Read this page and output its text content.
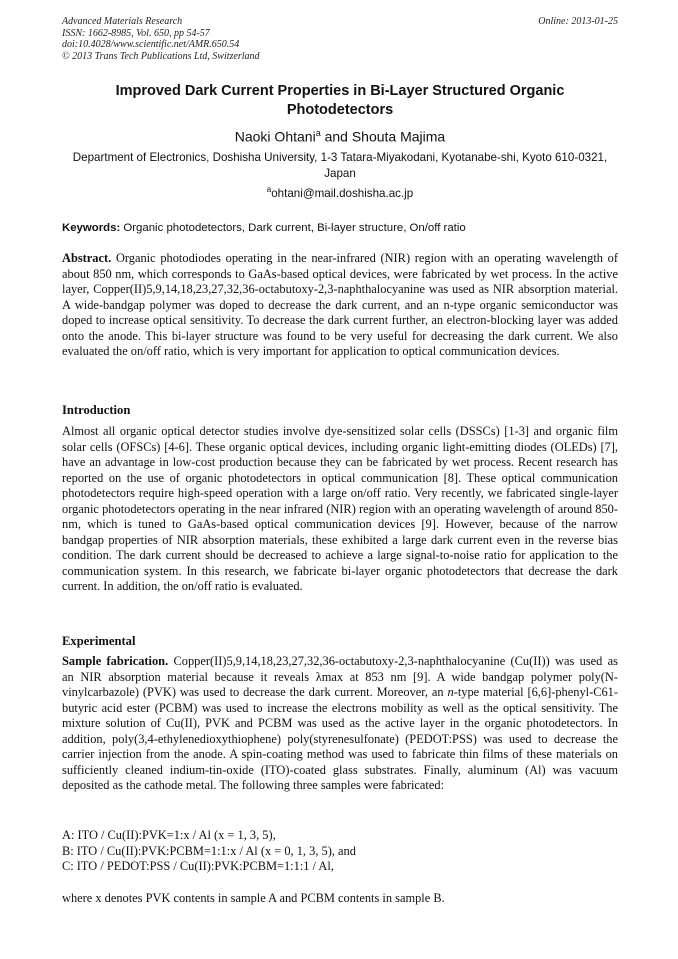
Advanced Materials Research
ISSN: 1662-8985, Vol. 650, pp 54-57
doi:10.4028/www.scientific.net/AMR.650.54
© 2013 Trans Tech Publications Ltd, Switzerland
Online: 2013-01-25
Improved Dark Current Properties in Bi-Layer Structured Organic Photodetectors
Naoki Ohtani$^a$ and Shouta Majima
Department of Electronics, Doshisha University, 1-3 Tatara-Miyakodani, Kyotanabe-shi, Kyoto 610-0321, Japan
$^a$ohtani@mail.doshisha.ac.jp
Keywords: Organic photodetectors, Dark current, Bi-layer structure, On/off ratio
Abstract. Organic photodiodes operating in the near-infrared (NIR) region with an operating wavelength of about 850 nm, which corresponds to GaAs-based optical devices, were fabricated by wet process. In the active layer, Copper(II)5,9,14,18,23,27,32,36-octabutoxy-2,3-naphthalocyanine was used as NIR absorption material. A wide-bandgap polymer was doped to decrease the dark current, and an n-type organic semiconductor was doped to increase optical sensitivity. To decrease the dark current further, an electron-blocking layer was added onto the anode. This bi-layer structure was found to be very useful for decreasing the dark current. We also evaluated the on/off ratio, which is very important for application to optical communication devices.
Introduction
Almost all organic optical detector studies involve dye-sensitized solar cells (DSSCs) [1-3] and organic film solar cells (OFSCs) [4-6]. These organic optical devices, including organic light-emitting diodes (OLEDs) [7], have an advantage in low-cost production because they can be fabricated by wet process. Recent research has reported on the use of organic photodetectors in optical communication [8]. These optical communication photodetectors require high-speed operation with a large on/off ratio. Very recently, we fabricated single-layer organic photodetectors operating in the near infrared (NIR) region with an operating wavelength of around 850-nm, which is tuned to GaAs-based optical communication devices [9]. However, because of the narrow bandgap properties of NIR absorption materials, these exhibited a large dark current even in the reverse bias condition. The dark current should be decreased to achieve a large signal-to-noise ratio for application to the communication system. In this research, we fabricate bi-layer organic photodetectors that decrease the dark current. In addition, the on/off ratio is evaluated.
Experimental
Sample fabrication. Copper(II)5,9,14,18,23,27,32,36-octabutoxy-2,3-naphthalocyanine (Cu(II)) was used as an NIR absorption material because it reveals λmax at 853 nm [9]. A wide bandgap polymer poly(N-vinylcarbazole) (PVK) was used to decrease the dark current. Moreover, an n-type material [6,6]-phenyl-C61-butyric acid ester (PCBM) was used to increase the electrons mobility as well as the optical sensitivity. The mixture solution of Cu(II), PVK and PCBM was used as the active layer in the organic photodetectors. In addition, poly(3,4-ethylenedioxythiophene) poly(styrenesulfonate) (PEDOT:PSS) was used to decrease the carrier injection from the anode. A spin-coating method was used to fabricate thin films of these materials on sufficiently cleaned indium-tin-oxide (ITO)-coated glass substrates. Finally, aluminum (Al) was vacuum deposited as the cathode metal. The following three samples were fabricated:
A: ITO / Cu(II):PVK=1:x / Al (x = 1, 3, 5),
B: ITO / Cu(II):PVK:PCBM=1:1:x / Al (x = 0, 1, 3, 5), and
C: ITO / PEDOT:PSS / Cu(II):PVK:PCBM=1:1:1 / Al,
where x denotes PVK contents in sample A and PCBM contents in sample B.
